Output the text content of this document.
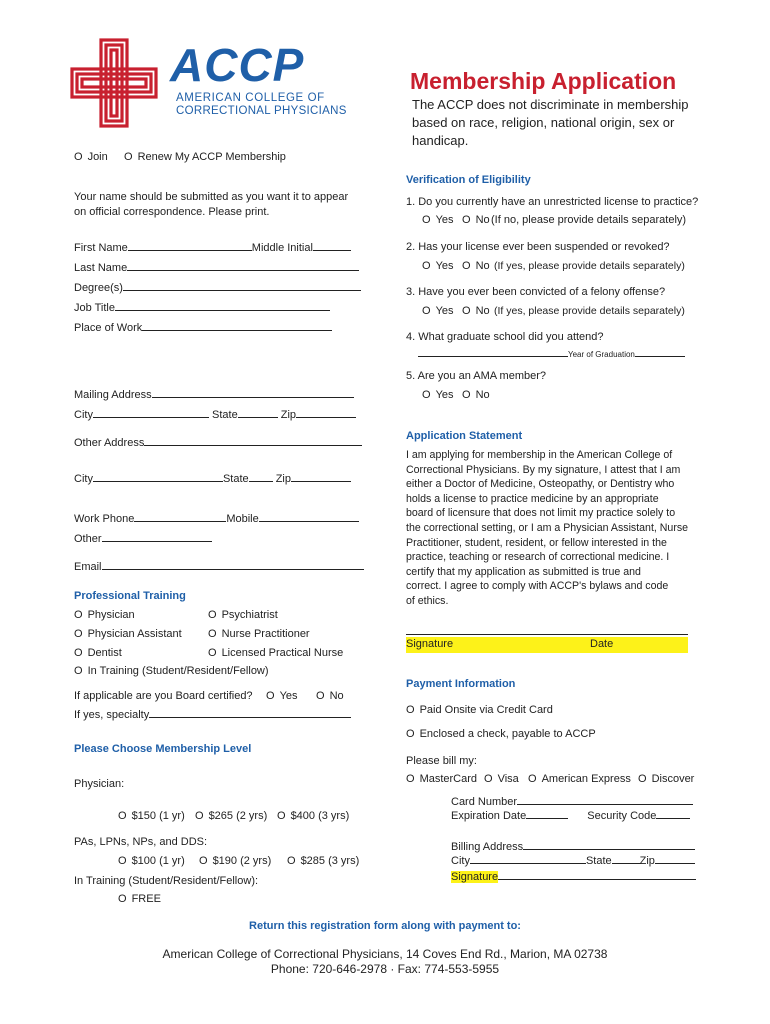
ACCP
AMERICAN COLLEGE OF
CORRECTIONAL PHYSICIANS
Membership Application
The ACCP does not discriminate in membership
based on race, religion, national origin, sex or
handicap.
O Join	O Renew My ACCP Membership
Your name should be submitted as you want it to appear
on official correspondence. Please print.
First Name	Middle Initial
Last Name
Degree(s)
Job Title
Place of Work
Mailing Address
City	State	Zip
Other Address
City	State Zip
Work Phone	Mobile
Other
Email
Professional Training
O Physician	O Psychiatrist
O Physician Assistant	O Nurse Practitioner
O Dentist	O Licensed Practical Nurse
O In Training (Student/Resident/Fellow)
If applicable are you Board certified?	O Yes	O No
If yes, specialty
Please Choose Membership Level
Physician:
O $150 (1 yr)	O $265 (2 yrs)	O $400 (3 yrs)
PAs, LPNs, NPs, and DDS:
O $100 (1 yr)	O $190 (2 yrs)	O $285 (3 yrs)
In Training (Student/Resident/Fellow):
O FREE
Verification of Eligibility
1. Do you currently have an unrestricted license to practice?
O Yes	O No (If no, please provide details separately)
2. Has your license ever been suspended or revoked?
O Yes	O No (If yes, please provide details separately)
3. Have you ever been convicted of a felony offense?
O Yes	O No (If yes, please provide details separately)
4. What graduate school did you attend?
Year of Graduation
5. Are you an AMA member?
O Yes	O No
Application Statement
I am applying for membership in the American College of
Correctional Physicians. By my signature, I attest that I am
either a Doctor of Medicine, Osteopathy, or Dentistry who
holds a license to practice medicine by an appropriate
board of licensure that does not limit my practice solely to
the correctional setting, or I am a Physician Assistant, Nurse
Practitioner, student, resident, or fellow interested in the
practice, teaching or research of correctional medicine. I
certify that my application as submitted is true and
correct. I agree to comply with ACCP's bylaws and code
of ethics.
Signature	Date
Payment Information
O Paid Onsite via Credit Card
O Enclosed a check, payable to ACCP
Please bill my:
O MasterCard	O Visa	O American Express	O Discover
Card Number
Expiration Date	Security Code
Billing Address
City	State	Zip
Signature
Return this registration form along with payment to:
American College of Correctional Physicians, 14 Coves End Rd., Marion, MA 02738
Phone: 720-646-2978 · Fax: 774-553-5955
